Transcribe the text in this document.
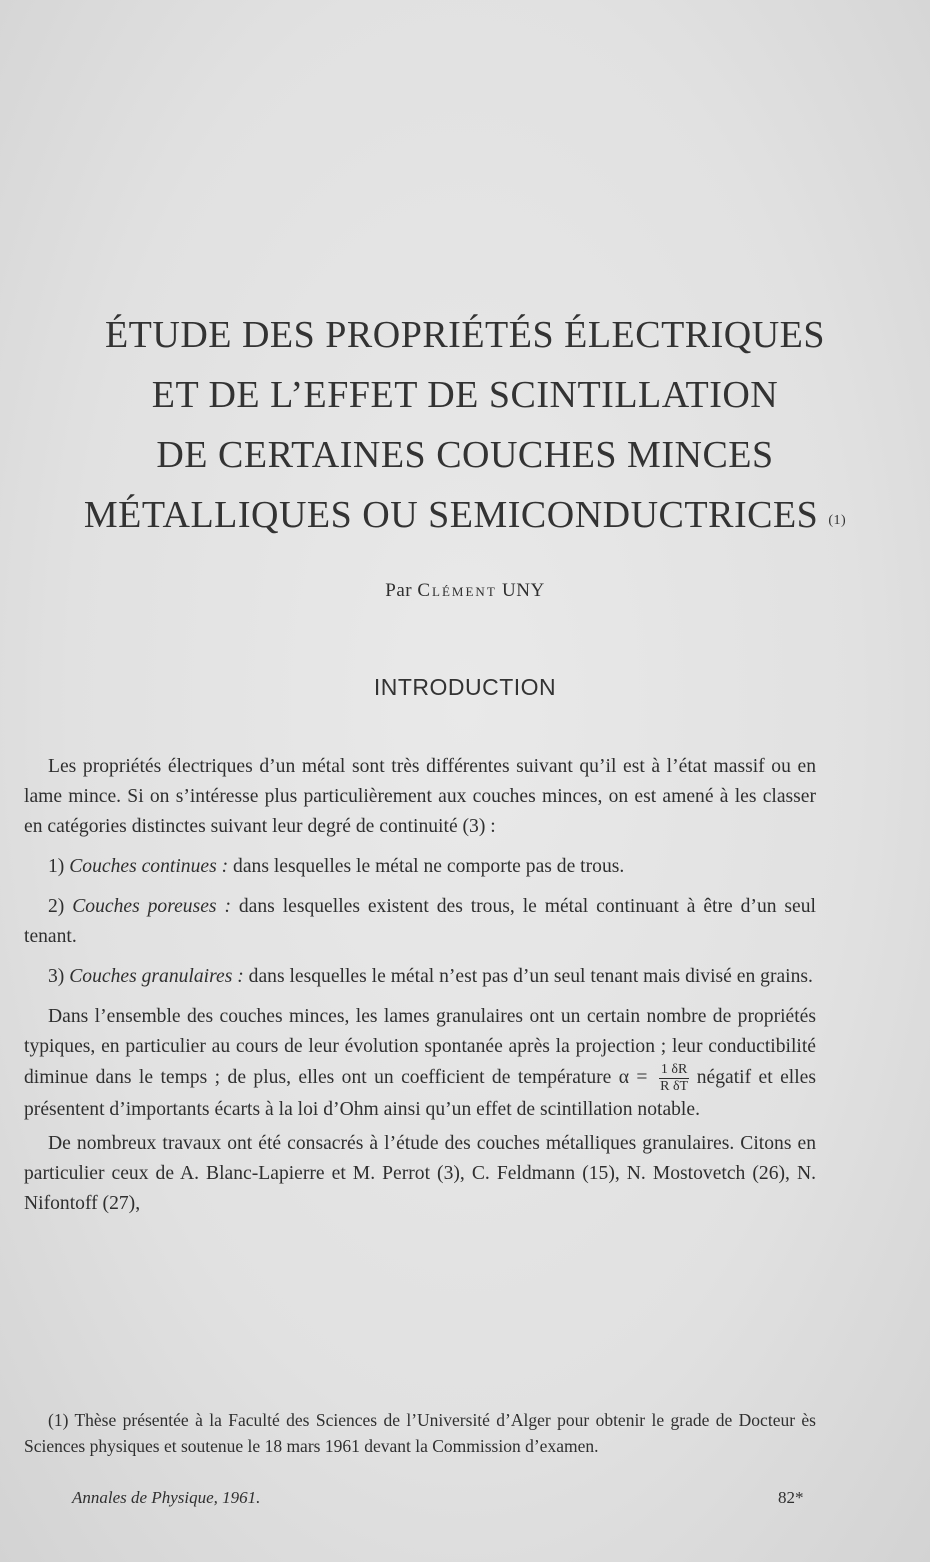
ÉTUDE DES PROPRIÉTÉS ÉLECTRIQUES
ET DE L’EFFET DE SCINTILLATION
DE CERTAINES COUCHES MINCES
MÉTALLIQUES OU SEMICONDUCTRICES $^{(1)}$
Par Clément UNY
INTRODUCTION

Les propriétés électriques d’un métal sont très différentes suivant qu’il est à l’état massif ou en lame mince. Si on s’intéresse plus particulièrement aux couches minces, on est amené à les classer en catégories distinctes suivant leur degré de continuité (3) :

1) Couches continues : dans lesquelles le métal ne comporte pas de trous.

2) Couches poreuses : dans lesquelles existent des trous, le métal continuant à être d’un seul tenant.

3) Couches granulaires : dans lesquelles le métal n’est pas d’un seul tenant mais divisé en grains.

Dans l’ensemble des couches minces, les lames granulaires ont un certain nombre de propriétés typiques, en particulier au cours de leur évolution spontanée après la projection ; leur conductibilité diminue dans le temps ; de plus, elles ont un coefficient de température $\alpha = \frac{1 \delta R}{\text{R δT}}$ négatif et elles présentent d’importants écarts à la loi d’Ohm ainsi qu’un effet de scintillation notable.

De nombreux travaux ont été consacrés à l’étude des couches métalliques granulaires. Citons en particulier ceux de A. Blanc-Lapierre et M. Perrot (3), C. Feldmann (15), N. Mostovetch (26), N. Nifontoff (27),

(1) Thèse présentée à la Faculté des Sciences de l’Université d’Alger pour obtenir le grade de Docteur ès Sciences physiques et soutenue le 18 mars 1961 devant la Commission d’examen.

Annales de Physique, 1961.	82*
